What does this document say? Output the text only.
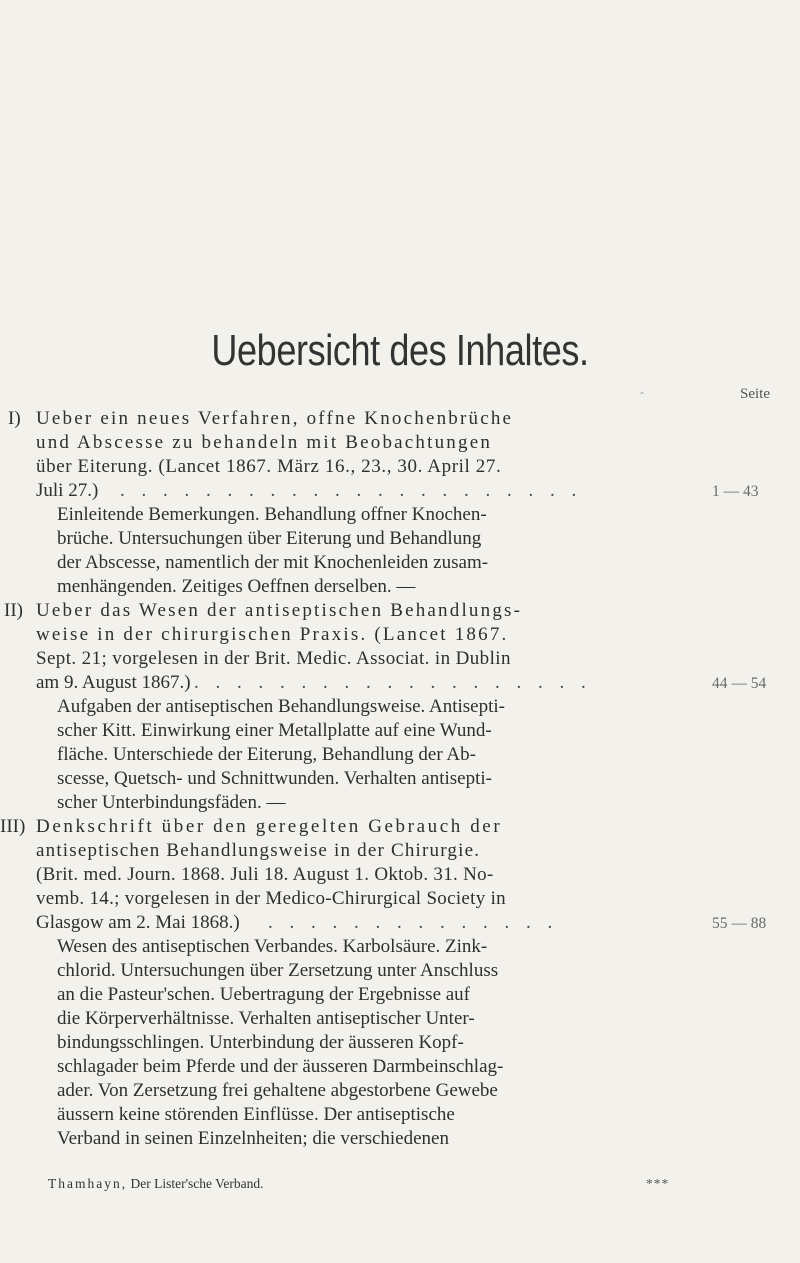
Uebersicht des Inhaltes.
‸	Seite
I) Ueber ein neues Verfahren, offne Knochenbrüche
und Abscesse zu behandeln mit Beobachtungen
über Eiterung. (Lancet 1867. März 16., 23., 30. April 27.
Juli 27.) . . . . . . . . . . . . . . . . . . . . . .	1 — 43
Einleitende Bemerkungen. Behandlung offner Knochen-
brüche. Untersuchungen über Eiterung und Behandlung
der Abscesse, namentlich der mit Knochenleiden zusam-
menhängenden. Zeitiges Oeffnen derselben. —
II) Ueber das Wesen der antiseptischen Behandlungs-
weise in der chirurgischen Praxis. (Lancet 1867.
Sept. 21; vorgelesen in der Brit. Medic. Associat. in Dublin
am 9. August 1867.) . . . . . . . . . . . . . . . . . . .	44 — 54
Aufgaben der antiseptischen Behandlungsweise. Antisepti-
scher Kitt. Einwirkung einer Metallplatte auf eine Wund-
fläche. Unterschiede der Eiterung, Behandlung der Ab-
scesse, Quetsch- und Schnittwunden. Verhalten antisepti-
scher Unterbindungsfäden. —
III) Denkschrift über den geregelten Gebrauch der
antiseptischen Behandlungsweise in der Chirurgie.
(Brit. med. Journ. 1868. Juli 18. August 1. Oktob. 31. No-
vemb. 14.; vorgelesen in der Medico-Chirurgical Society in
Glasgow am 2. Mai 1868.) . . . . . . . . . . . . . .	55 — 88
Wesen des antiseptischen Verbandes. Karbolsäure. Zink-
chlorid. Untersuchungen über Zersetzung unter Anschluss
an die Pasteur'schen. Uebertragung der Ergebnisse auf
die Körperverhältnisse. Verhalten antiseptischer Unter-
bindungsschlingen. Unterbindung der äusseren Kopf-
schlagader beim Pferde und der äusseren Darmbeinschlag-
ader. Von Zersetzung frei gehaltene abgestorbene Gewebe
äussern keine störenden Einflüsse. Der antiseptische
Verband in seinen Einzelnheiten; die verschiedenen
Thamhayn, Der Lister'sche Verband.	***
